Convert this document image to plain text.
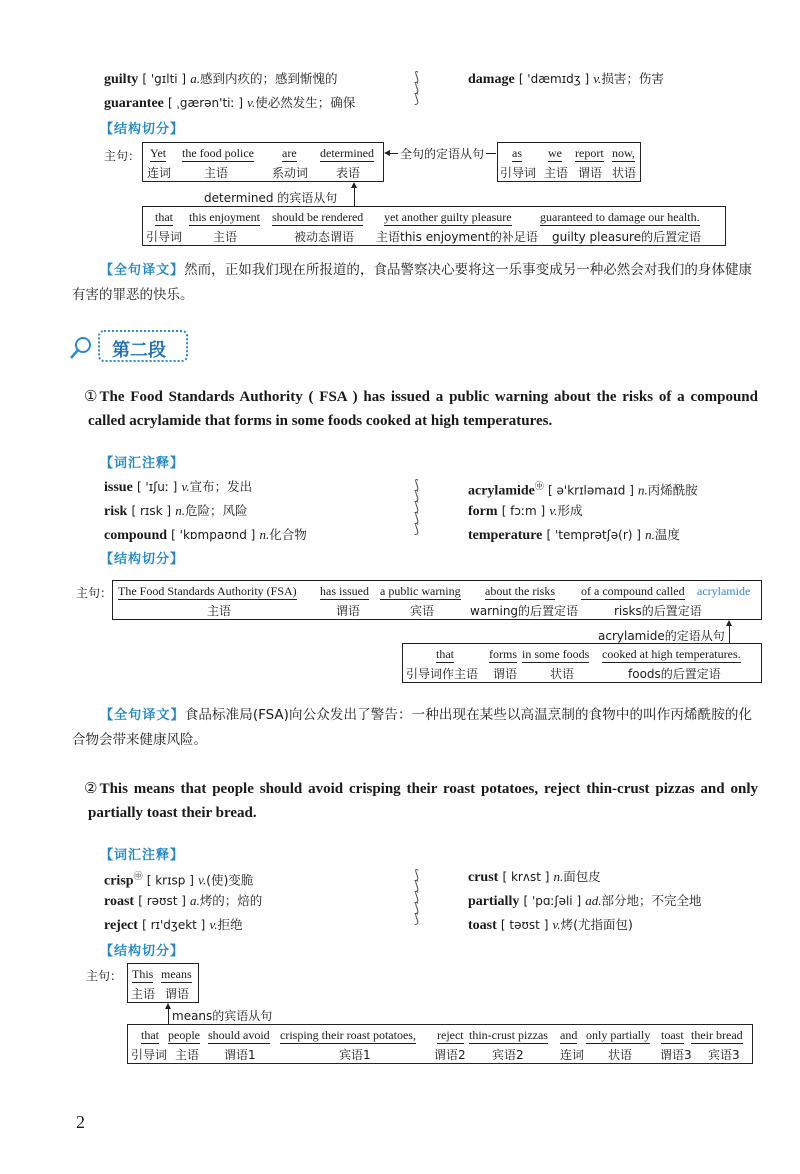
guilty [ 'gɪlti ] a.感到内疚的；感到惭愧的
guarantee [ ˌgærən'tiː ] v.使必然发生；确保
⟆
⟆
⟆
damage [ 'dæmɪdʒ ] v.损害；伤害
【结构切分】
主句： Yet
连词
the food police
主语
are
系动词
determined
表语
全句的定语从句 as
引导词
we
主语
report
谓语
now,
状语
determined 的宾语从句
that
引导词
this enjoyment
主语
should be rendered
被动态谓语
yet another guilty pleasure
主语this enjoyment的补足语
guaranteed to damage our health.
guilty pleasure的后置定语
【全句译文】然而，正如我们现在所报道的，食品警察决心要将这一乐事变成另一种必然会对我们的身体健康有害的罪恶的快乐。
第二段
①The Food Standards Authority ( FSA ) has issued a public warning about the risks of a compound called acrylamide that forms in some foods cooked at high temperatures.
【词汇注释】
issue [ 'ɪʃuː ] v.宣布；发出
risk [ rɪsk ] n.危险；风险
compound [ 'kɒmpaʊnd ] n.化合物
⟆
⟆
⟆
⟆
⟆
acrylamide㊥ [ ə'krɪləmaɪd ] n.丙烯酰胺
form [ fɔːm ] v.形成
temperature [ 'temprətʃə(r) ] n.温度
【结构切分】
主句： The Food Standards Authority (FSA)
主语
has issued
谓语
a public warning
宾语
about the risks
warning的后置定语
of a compound called acrylamide
risks的后置定语
acrylamide的定语从句
that
引导词作主语
forms
谓语
in some foods
状语
cooked at high temperatures.
foods的后置定语
【全句译文】食品标准局(FSA)向公众发出了警告：一种出现在某些以高温烹制的食物中的叫作丙烯酰胺的化合物会带来健康风险。
②This means that people should avoid crisping their roast potatoes, reject thin-crust pizzas and only partially toast their bread.
【词汇注释】
crisp㊥ [ krɪsp ] v.(使)变脆
roast [ rəʊst ] a.烤的；焙的
reject [ rɪ'dʒekt ] v.拒绝
⟆
⟆
⟆
⟆
⟆
crust [ krʌst ] n.面包皮
partially [ 'pɑːʃəli ] ad.部分地；不完全地
toast [ təʊst ] v.烤(尤指面包)
【结构切分】
主句： This
主语
means
谓语
means的宾语从句
that
引导词
people
主语
should avoid
谓语1
crisping their roast potatoes,
宾语1
reject
谓语2
thin-crust pizzas
宾语2
and
连词
only partially
状语
toast
谓语3
their bread
宾语3
2
